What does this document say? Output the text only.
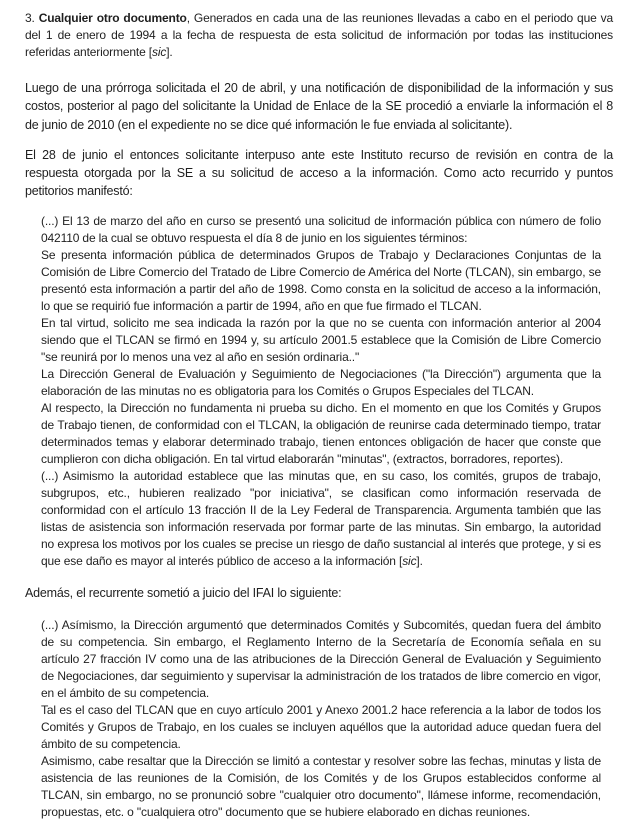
3. Cualquier otro documento, Generados en cada una de las reuniones llevadas a cabo en el periodo que va del 1 de enero de 1994 a la fecha de respuesta de esta solicitud de información por todas las instituciones referidas anteriormente [sic].

Luego de una prórroga solicitada el 20 de abril, y una notificación de disponibilidad de la información y sus costos, posterior al pago del solicitante la Unidad de Enlace de la SE procedió a enviarle la información el 8 de junio de 2010 (en el expediente no se dice qué información le fue enviada al solicitante).

El 28 de junio el entonces solicitante interpuso ante este Instituto recurso de revisión en contra de la respuesta otorgada por la SE a su solicitud de acceso a la información. Como acto recurrido y puntos petitorios manifestó:

(...) El 13 de marzo del año en curso se presentó una solicitud de información pública con número de folio 042110 de la cual se obtuvo respuesta el día 8 de junio en los siguientes términos:

Se presenta información pública de determinados Grupos de Trabajo y Declaraciones Conjuntas de la Comisión de Libre Comercio del Tratado de Libre Comercio de América del Norte (TLCAN), sin embargo, se presentó esta información a partir del año de 1998. Como consta en la solicitud de acceso a la información, lo que se requirió fue información a partir de 1994, año en que fue firmado el TLCAN.

En tal virtud, solicito me sea indicada la razón por la que no se cuenta con información anterior al 2004 siendo que el TLCAN se firmó en 1994 y, su artículo 2001.5 establece que la Comisión de Libre Comercio "se reunirá por lo menos una vez al año en sesión ordinaria.."

La Dirección General de Evaluación y Seguimiento de Negociaciones ("la Dirección") argumenta que la elaboración de las minutas no es obligatoria para los Comités o Grupos Especiales del TLCAN.

Al respecto, la Dirección no fundamenta ni prueba su dicho. En el momento en que los Comités y Grupos de Trabajo tienen, de conformidad con el TLCAN, la obligación de reunirse cada determinado tiempo, tratar determinados temas y elaborar determinado trabajo, tienen entonces obligación de hacer que conste que cumplieron con dicha obligación. En tal virtud elaborarán "minutas", (extractos, borradores, reportes).

(...) Asimismo la autoridad establece que las minutas que, en su caso, los comités, grupos de trabajo, subgrupos, etc., hubieren realizado "por iniciativa", se clasifican como información reservada de conformidad con el artículo 13 fracción II de la Ley Federal de Transparencia. Argumenta también que las listas de asistencia son información reservada por formar parte de las minutas. Sin embargo, la autoridad no expresa los motivos por los cuales se precise un riesgo de daño sustancial al interés que protege, y si es que ese daño es mayor al interés público de acceso a la información [sic].

Además, el recurrente sometió a juicio del IFAI lo siguiente:

(...) Asímismo, la Dirección argumentó que determinados Comités y Subcomités, quedan fuera del ámbito de su competencia. Sin embargo, el Reglamento Interno de la Secretaría de Economía señala en su artículo 27 fracción IV como una de las atribuciones de la Dirección General de Evaluación y Seguimiento de Negociaciones, dar seguimiento y supervisar la administración de los tratados de libre comercio en vigor, en el ámbito de su competencia.

Tal es el caso del TLCAN que en cuyo artículo 2001 y Anexo 2001.2 hace referencia a la labor de todos los Comités y Grupos de Trabajo, en los cuales se incluyen aquéllos que la autoridad aduce quedan fuera del ámbito de su competencia.

Asimismo, cabe resaltar que la Dirección se limitó a contestar y resolver sobre las fechas, minutas y lista de asistencia de las reuniones de la Comisión, de los Comités y de los Grupos establecidos conforme al TLCAN, sin embargo, no se pronunció sobre "cualquier otro documento", llámese informe, recomendación, propuestas, etc. o "cualquiera otro" documento que se hubiere elaborado en dichas reuniones.
